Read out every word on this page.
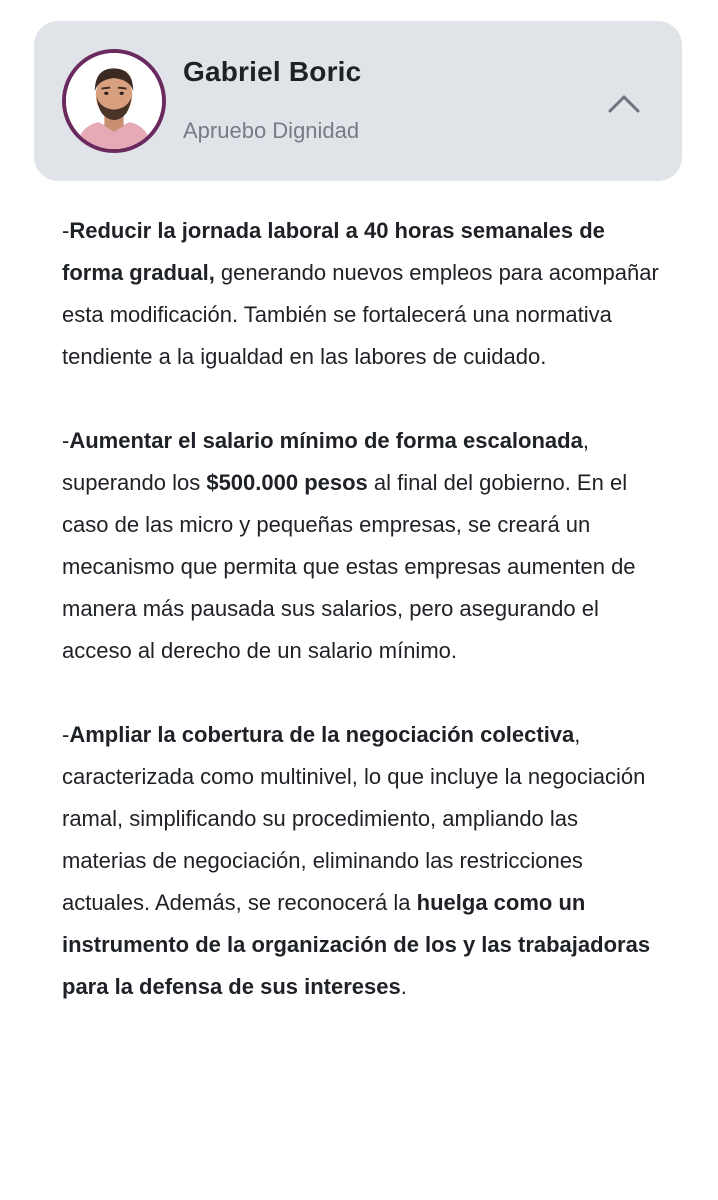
Gabriel Boric
Apruebo Dignidad

-Reducir la jornada laboral a 40 horas semanales de forma gradual, generando nuevos empleos para acompañar esta modificación. También se fortalecerá una normativa tendiente a la igualdad en las labores de cuidado.

-Aumentar el salario mínimo de forma escalonada, superando los $500.000 pesos al final del gobierno. En el caso de las micro y pequeñas empresas, se creará un mecanismo que permita que estas empresas aumenten de manera más pausada sus salarios, pero asegurando el acceso al derecho de un salario mínimo.

-Ampliar la cobertura de la negociación colectiva, caracterizada como multinivel, lo que incluye la negociación ramal, simplificando su procedimiento, ampliando las materias de negociación, eliminando las restricciones actuales. Además, se reconocerá la huelga como un instrumento de la organización de los y las trabajadoras para la defensa de sus intereses.
